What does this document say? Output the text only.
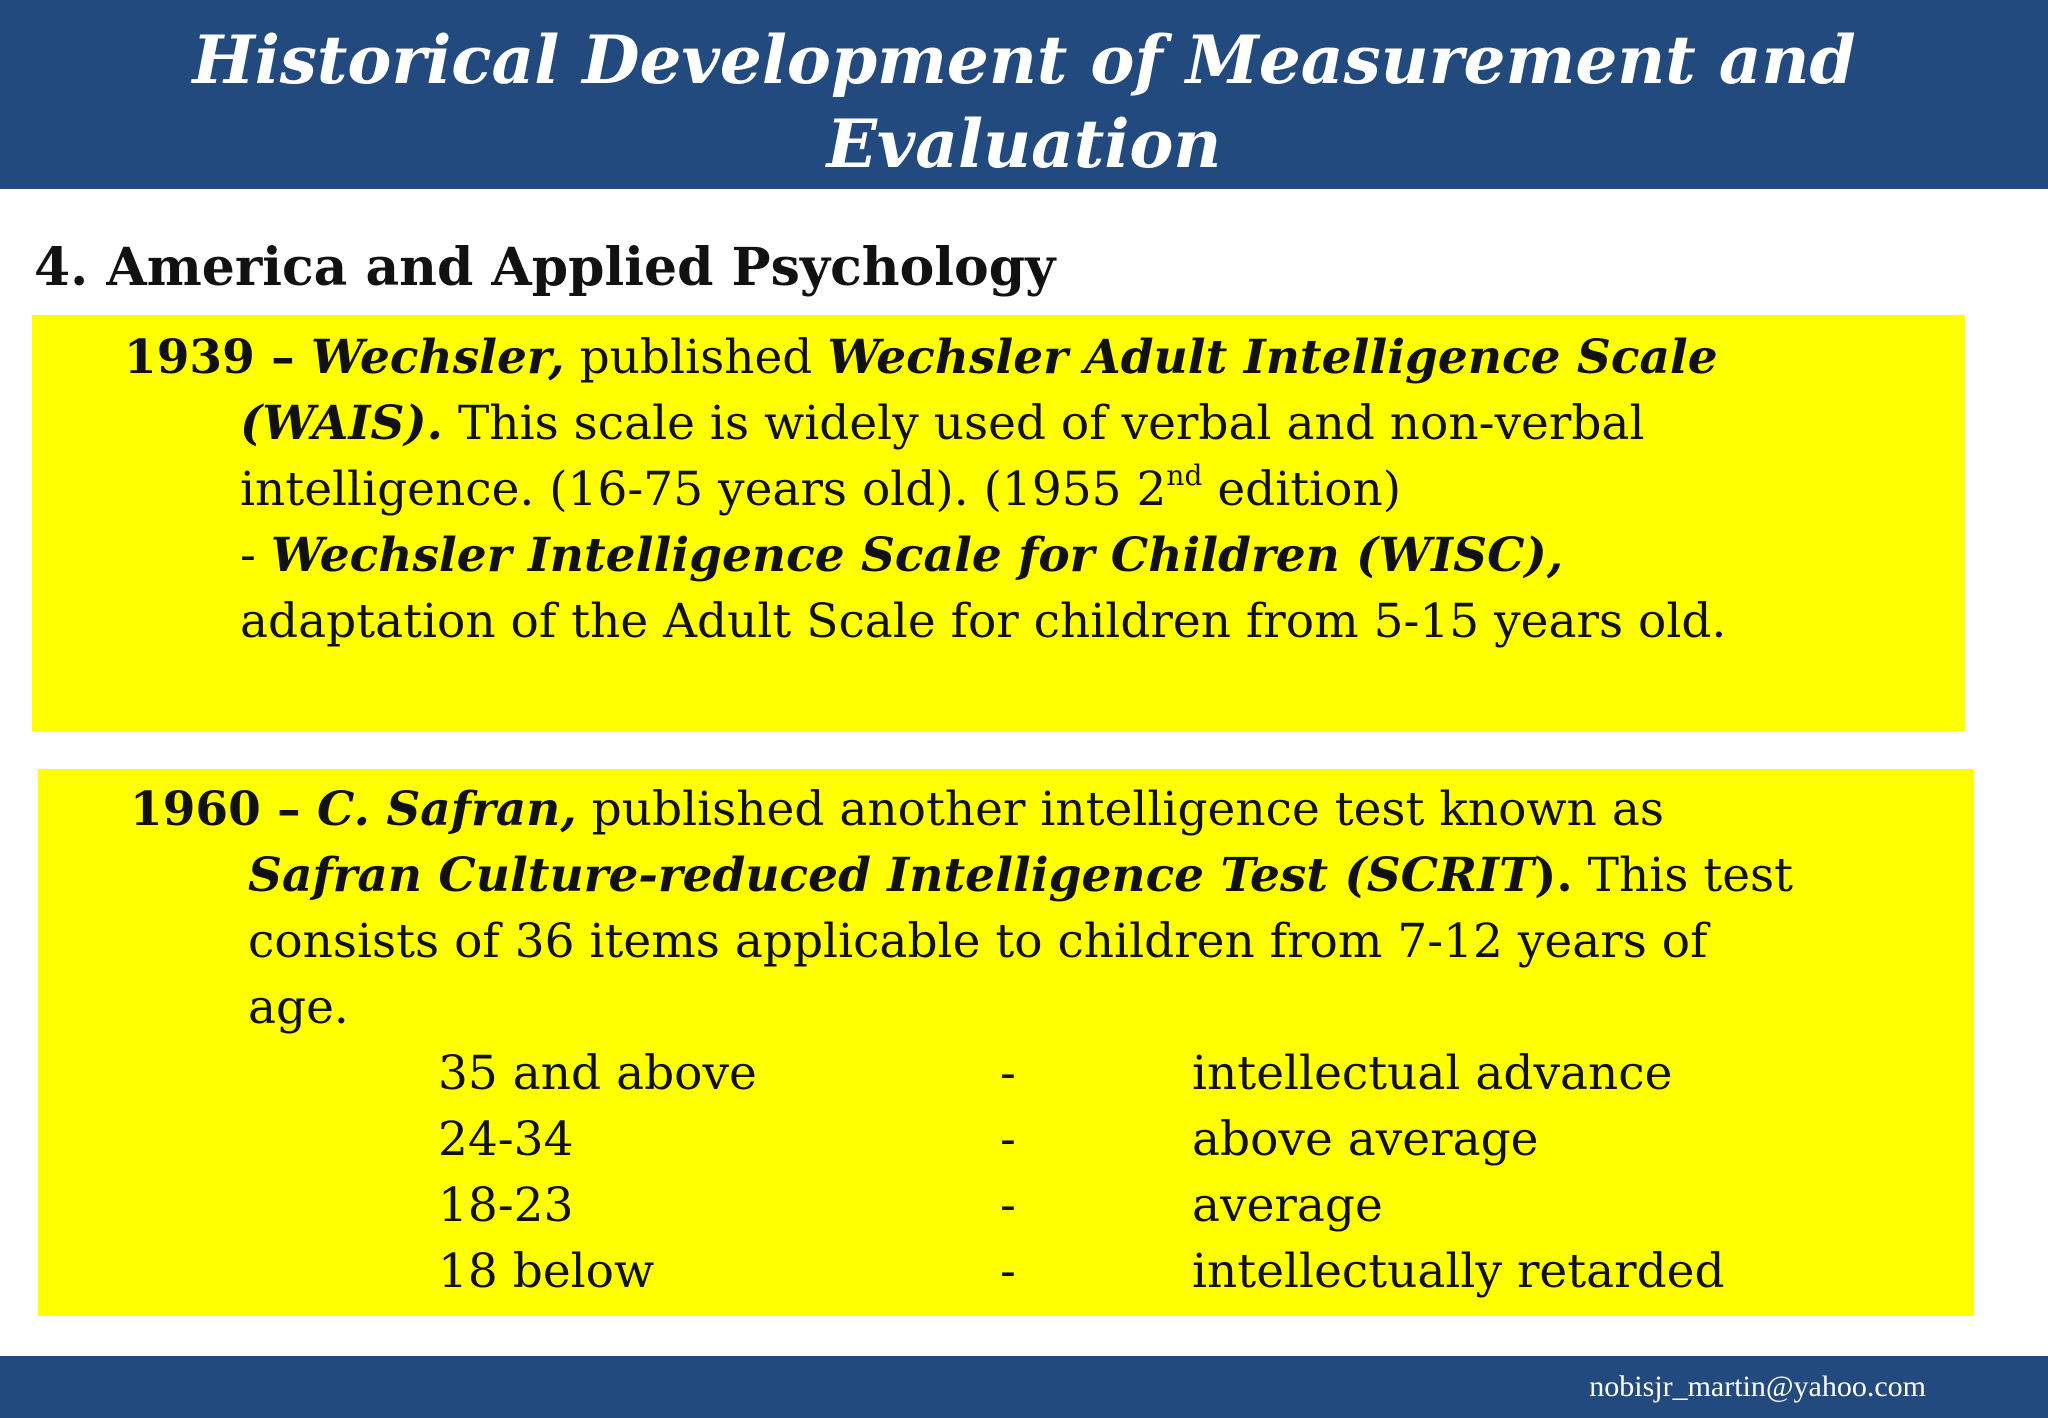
Historical Development of Measurement and Evaluation
4. America and Applied Psychology
1939 – Wechsler, published Wechsler Adult Intelligence Scale
(WAIS). This scale is widely used of verbal and non-verbal
intelligence. (16-75 years old). (1955 2nd edition)
- Wechsler Intelligence Scale for Children (WISC),
adaptation of the Adult Scale for children from 5-15 years old.
1960 – C. Safran, published another intelligence test known as
Safran Culture-reduced Intelligence Test (SCRIT). This test
consists of 36 items applicable to children from 7-12 years of
age.
35 and above	-	intellectual advance
24-34	-	above average
18-23	-	average
18 below	-	intellectually retarded
nobisjr_martin@yahoo.com
